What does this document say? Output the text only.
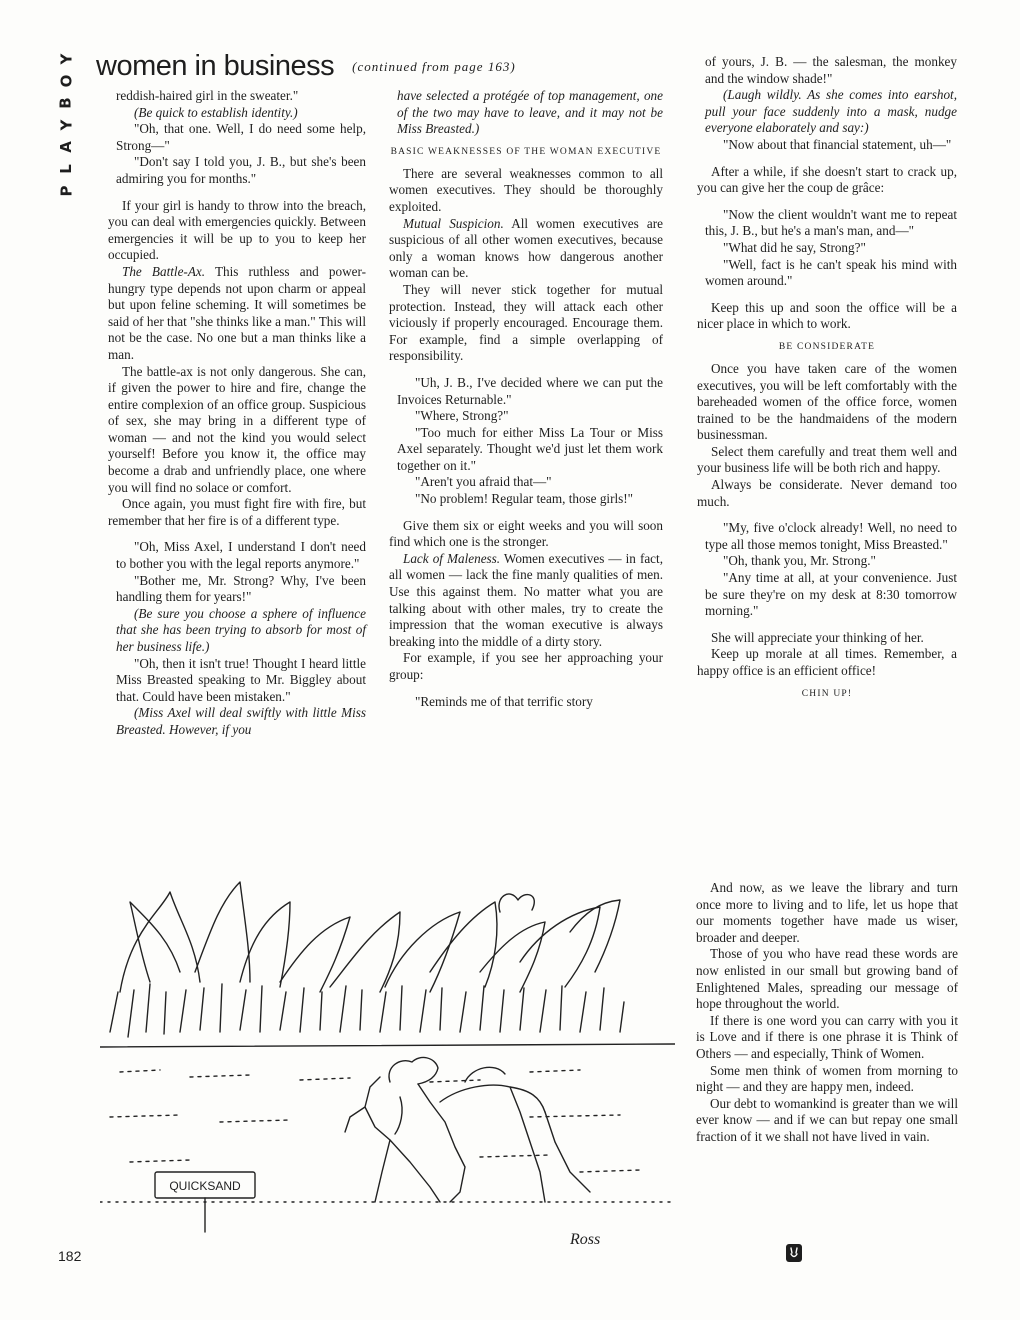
Y
O
B
Y
A
L
P
women in business $^{(continued from page 163)}$

reddish-haired girl in the sweater."

(Be quick to establish identity.)

"Oh, that one. Well, I do need some help, Strong—"

"Don't say I told you, J. B., but she's been admiring you for months."

If your girl is handy to throw into the breach, you can deal with emergencies quickly. Between emergencies it will be up to you to keep her occupied.

The Battle-Ax. This ruthless and power-hungry type depends not upon charm or appeal but upon feline scheming. It will sometimes be said of her that "she thinks like a man." This will not be the case. No one but a man thinks like a man.

The battle-ax is not only dangerous. She can, if given the power to hire and fire, change the entire complexion of an office group. Suspicious of sex, she may bring in a different type of woman — and not the kind you would select yourself! Before you know it, the office may become a drab and unfriendly place, one where you will find no solace or comfort.

Once again, you must fight fire with fire, but remember that her fire is of a different type.

"Oh, Miss Axel, I understand I don't need to bother you with the legal reports anymore."

"Bother me, Mr. Strong? Why, I've been handling them for years!"

(Be sure you choose a sphere of influence that she has been trying to absorb for most of her business life.)

"Oh, then it isn't true! Thought I heard little Miss Breasted speaking to Mr. Biggley about that. Could have been mistaken."

(Miss Axel will deal swiftly with little Miss Breasted. However, if you

have selected a protégée of top management, one of the two may have to leave, and it may not be Miss Breasted.)

BASIC WEAKNESSES OF THE WOMAN EXECUTIVE

There are several weaknesses common to all women executives. They should be thoroughly exploited.

Mutual Suspicion. All women executives are suspicious of all other women executives, because only a woman knows how dangerous another woman can be.

They will never stick together for mutual protection. Instead, they will attack each other viciously if properly encouraged. Encourage them. For example, find a simple overlapping of responsibility.

"Uh, J. B., I've decided where we can put the Invoices Returnable."

"Where, Strong?"

"Too much for either Miss La Tour or Miss Axel separately. Thought we'd just let them work together on it."

"Aren't you afraid that—"

"No problem! Regular team, those girls!"

Give them six or eight weeks and you will soon find which one is the stronger.

Lack of Maleness. Women executives — in fact, all women — lack the fine manly qualities of men. Use this against them. No matter what you are talking about with other males, try to create the impression that the woman executive is always breaking into the middle of a dirty story.

For example, if you see her approaching your group:

"Reminds me of that terrific story

of yours, J. B. — the salesman, the monkey and the window shade!"

(Laugh wildly. As she comes into earshot, pull your face suddenly into a mask, nudge everyone elaborately and say:)

"Now about that financial statement, uh—"

After a while, if she doesn't start to crack up, you can give her the coup de grâce:

"Now the client wouldn't want me to repeat this, J. B., but he's a man's man, and—"

"What did he say, Strong?"

"Well, fact is he can't speak his mind with women around."

Keep this up and soon the office will be a nicer place in which to work.

BE CONSIDERATE

Once you have taken care of the women executives, you will be left comfortably with the bareheaded women of the office force, women trained to be the handmaidens of the modern businessman.

Select them carefully and treat them well and your business life will be both rich and happy.

Always be considerate. Never demand too much.

"My, five o'clock already! Well, no need to type all those memos tonight, Miss Breasted."

"Oh, thank you, Mr. Strong."

"Any time at all, at your convenience. Just be sure they're on my desk at 8:30 tomorrow morning."

She will appreciate your thinking of her.

Keep up morale at all times. Remember, a happy office is an efficient office!

CHIN UP!

And now, as we leave the library and turn once more to living and to life, let us hope that our moments together have made us wiser, broader and deeper.

Those of you who have read these words are now enlisted in our small but growing band of Enlightened Males, spreading our message of hope throughout the world.

If there is one word you can carry with you it is Love and if there is one phrase it is Think of Others — and especially, Think of Women.

Some men think of women from morning to night — and they are happy men, indeed.

Our debt to womankind is greater than we will ever know — and if we can but repay one small fraction of it we shall not have lived in vain.

QUICKSAND
Ross
182
